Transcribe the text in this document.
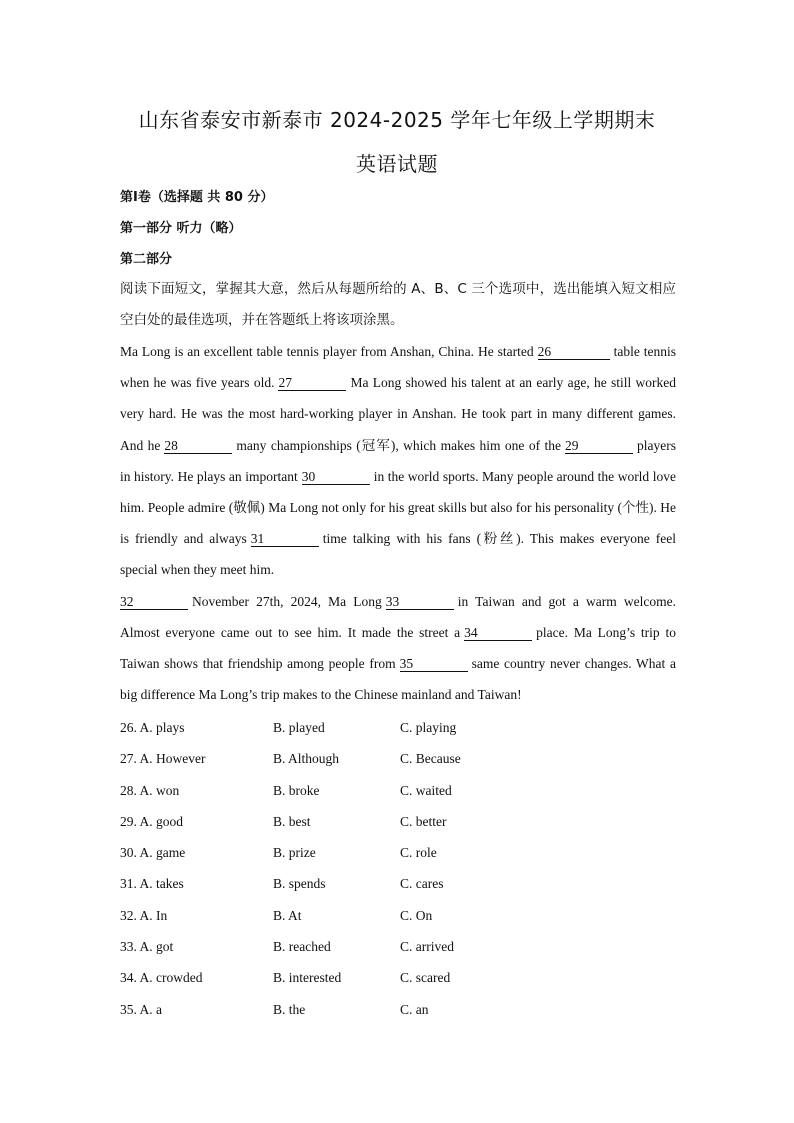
山东省泰安市新泰市 2024-2025 学年七年级上学期期末
英语试题
第Ⅰ卷（选择题 共 80 分）
第一部分 听力（略）
第二部分
阅读下面短文，掌握其大意，然后从每题所给的 A、B、C 三个选项中，选出能填入短文相应空白处的最佳选项，并在答题纸上将该项涂黑。

Ma Long is an excellent table tennis player from Anshan, China. He started 26	table tennis when he was five years old. 27	Ma Long showed his talent at an early age, he still worked very hard. He was the most hard-working player in Anshan. He took part in many different games. And he 28	many championships (冠军), which makes him one of the 29	players in history. He plays an important 30	in the world sports. Many people around the world love him. People admire (敬佩) Ma Long not only for his great skills but also for his personality (个性). He is friendly and always 31	time talking with his fans (粉丝). This makes everyone feel special when they meet him.

32	November 27th, 2024, Ma Long 33	in Taiwan and got a warm welcome. Almost everyone came out to see him. It made the street a 34	place. Ma Long’s trip to Taiwan shows that friendship among people from 35	same country never changes. What a big difference Ma Long’s trip makes to the Chinese mainland and Taiwan!

26. A. plays	B. played	C. playing
27. A. However	B. Although	C. Because
28. A. won	B. broke	C. waited
29. A. good	B. best	C. better
30. A. game	B. prize	C. role
31. A. takes	B. spends	C. cares
32. A. In	B. At	C. On
33. A. got	B. reached	C. arrived
34. A. crowded	B. interested	C. scared
35. A. a	B. the	C. an
